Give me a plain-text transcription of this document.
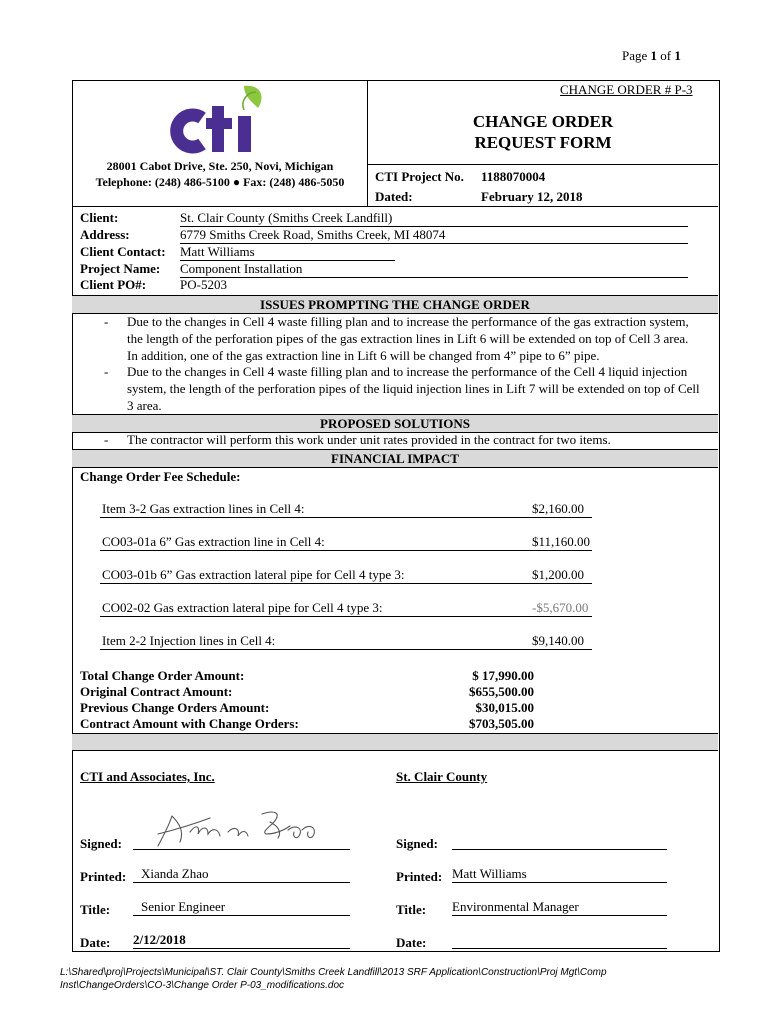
Page 1 of 1
CHANGE ORDER # P-3
CHANGE ORDER
REQUEST FORM
28001 Cabot Drive, Ste. 250, Novi, Michigan
Telephone: (248) 486-5100 ● Fax: (248) 486-5050	CTI Project No. 1188070004
Dated:	February 12, 2018
Client:	St. Clair County (Smiths Creek Landfill)
Address:	6779 Smiths Creek Road, Smiths Creek, MI 48074
Client Contact: Matt Williams
Project Name: Component Installation
Client PO#:	PO-5203
ISSUES PROMPTING THE CHANGE ORDER
- Due to the changes in Cell 4 waste filling plan and to increase the performance of the gas extraction system,
the length of the perforation pipes of the gas extraction lines in Lift 6 will be extended on top of Cell 3 area.
In addition, one of the gas extraction line in Lift 6 will be changed from 4” pipe to 6” pipe.
- Due to the changes in Cell 4 waste filling plan and to increase the performance of the Cell 4 liquid injection
system, the length of the perforation pipes of the liquid injection lines in Lift 7 will be extended on top of Cell
3 area.
PROPOSED SOLUTIONS
- The contractor will perform this work under unit rates provided in the contract for two items.
FINANCIAL IMPACT
Change Order Fee Schedule:
Item 3-2 Gas extraction lines in Cell 4:	$2,160.00
CO03-01a 6” Gas extraction line in Cell 4:	$11,160.00
CO03-01b 6” Gas extraction lateral pipe for Cell 4 type 3:	$1,200.00
CO02-02 Gas extraction lateral pipe for Cell 4 type 3:	-$5,670.00
Item 2-2 Injection lines in Cell 4:	$9,140.00
Total Change Order Amount:	$ 17,990.00
Original Contract Amount:	$655,500.00
Previous Change Orders Amount:	$30,015.00
Contract Amount with Change Orders:	$703,505.00
CTI and Associates, Inc.	St. Clair County
Signed:	Signed:
Printed: Xianda Zhao	Printed: Matt Williams
Title: Senior Engineer	Title: Environmental Manager
Date: 2/12/2018	Date:
L:\Shared\proj\Projects\Municipal\ST. Clair County\Smiths Creek Landfill\2013 SRF Application\Construction\Proj Mgt\Comp
Inst\ChangeOrders\CO-3\Change Order P-03_modifications.doc
